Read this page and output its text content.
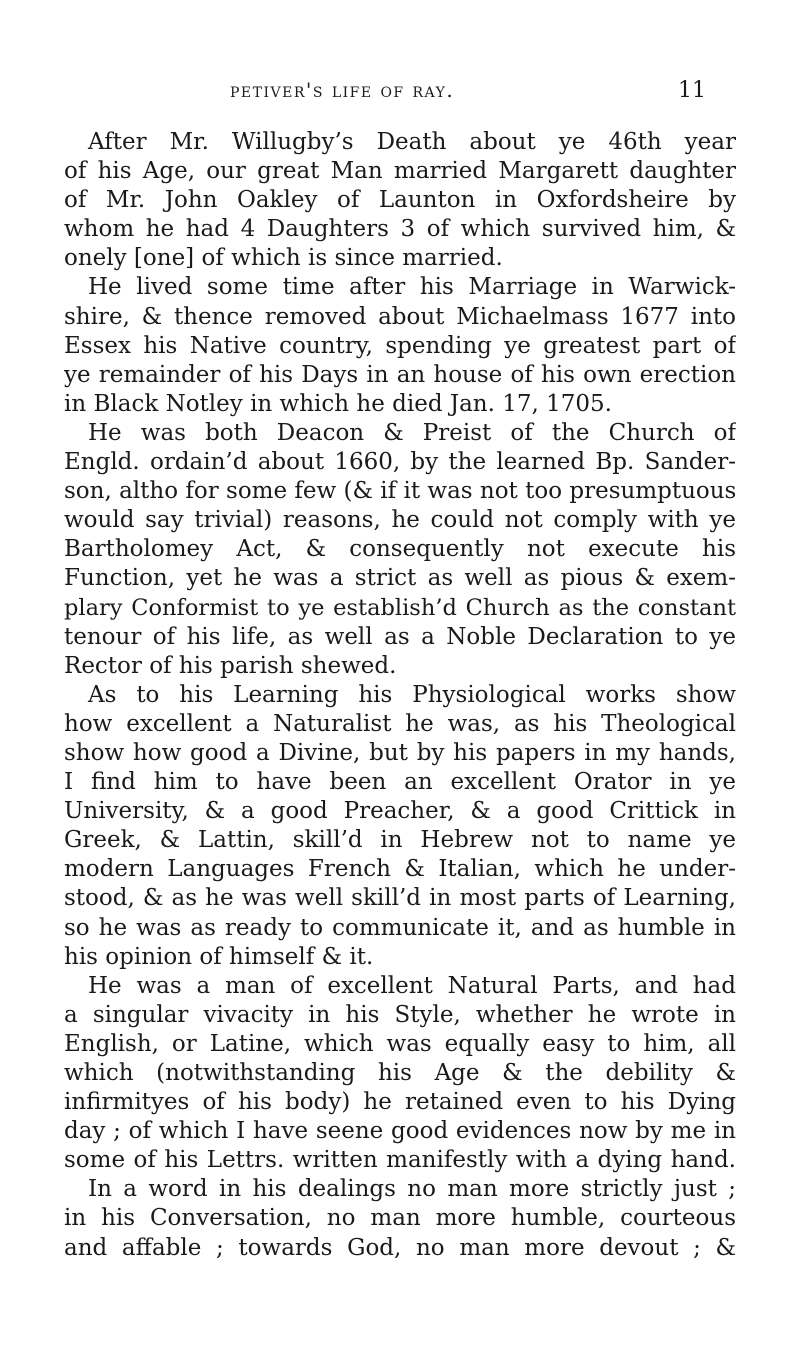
petiver's life of ray.	11
After Mr. Willugby’s Death about ye 46th year
of his Age, our great Man married Margarett daughter
of Mr. John Oakley of Launton in Oxfordsheire by
whom he had 4 Daughters 3 of which survived him, &
onely [one] of which is since married.
He lived some time after his Marriage in Warwick-
shire, & thence removed about Michaelmass 1677 into
Essex his Native country, spending ye greatest part of
ye remainder of his Days in an house of his own erection
in Black Notley in which he died Jan. 17, 1705.
He was both Deacon & Preist of the Church of
Engld. ordain’d about 1660, by the learned Bp. Sander-
son, altho for some few (& if it was not too presumptuous
would say trivial) reasons, he could not comply with ye
Bartholomey Act, & consequently not execute his
Function, yet he was a strict as well as pious & exem-
plary Conformist to ye establish’d Church as the constant
tenour of his life, as well as a Noble Declaration to ye
Rector of his parish shewed.
As to his Learning his Physiological works show
how excellent a Naturalist he was, as his Theological
show how good a Divine, but by his papers in my hands,
I find him to have been an excellent Orator in ye
University, & a good Preacher, & a good Crittick in
Greek, & Lattin, skill’d in Hebrew not to name ye
modern Languages French & Italian, which he under-
stood, & as he was well skill’d in most parts of Learning,
so he was as ready to communicate it, and as humble in
his opinion of himself & it.
He was a man of excellent Natural Parts, and had
a singular vivacity in his Style, whether he wrote in
English, or Latine, which was equally easy to him, all
which (notwithstanding his Age & the debility &
infirmityes of his body) he retained even to his Dying
day ; of which I have seene good evidences now by me in
some of his Lettrs. written manifestly with a dying hand.
In a word in his dealings no man more strictly just ;
in his Conversation, no man more humble, courteous
and affable ; towards God, no man more devout ; &
